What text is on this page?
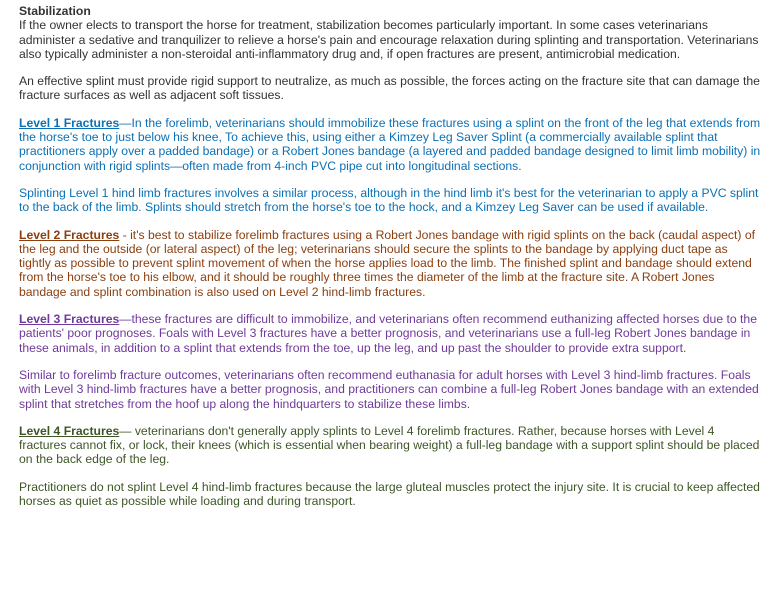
Stabilization

If the owner elects to transport the horse for treatment, stabilization becomes particularly important. In some cases veterinarians administer a sedative and tranquilizer to relieve a horse's pain and encourage relaxation during splinting and transportation. Veterinarians also typically administer a non-steroidal anti-inflammatory drug and, if open fractures are present, antimicrobial medication.

An effective splint must provide rigid support to neutralize, as much as possible, the forces acting on the fracture site that can damage the fracture surfaces as well as adjacent soft tissues.

Level 1 Fractures—In the forelimb, veterinarians should immobilize these fractures using a splint on the front of the leg that extends from the horse's toe to just below his knee, To achieve this, using either a Kimzey Leg Saver Splint (a commercially available splint that practitioners apply over a padded bandage) or a Robert Jones bandage (a layered and padded bandage designed to limit limb mobility) in conjunction with rigid splints—often made from 4-inch PVC pipe cut into longitudinal sections.

Splinting Level 1 hind limb fractures involves a similar process, although in the hind limb it's best for the veterinarian to apply a PVC splint to the back of the limb. Splints should stretch from the horse's toe to the hock, and a Kimzey Leg Saver can be used if available.

Level 2 Fractures - it's best to stabilize forelimb fractures using a Robert Jones bandage with rigid splints on the back (caudal aspect) of the leg and the outside (or lateral aspect) of the leg; veterinarians should secure the splints to the bandage by applying duct tape as tightly as possible to prevent splint movement of when the horse applies load to the limb. The finished splint and bandage should extend from the horse's toe to his elbow, and it should be roughly three times the diameter of the limb at the fracture site. A Robert Jones bandage and splint combination is also used on Level 2 hind-limb fractures.

Level 3 Fractures—these fractures are difficult to immobilize, and veterinarians often recommend euthanizing affected horses due to the patients' poor prognoses. Foals with Level 3 fractures have a better prognosis, and veterinarians use a full-leg Robert Jones bandage in these animals, in addition to a splint that extends from the toe, up the leg, and up past the shoulder to provide extra support.

Similar to forelimb fracture outcomes, veterinarians often recommend euthanasia for adult horses with Level 3 hind-limb fractures. Foals with Level 3 hind-limb fractures have a better prognosis, and practitioners can combine a full-leg Robert Jones bandage with an extended splint that stretches from the hoof up along the hindquarters to stabilize these limbs.

Level 4 Fractures— veterinarians don't generally apply splints to Level 4 forelimb fractures. Rather, because horses with Level 4 fractures cannot fix, or lock, their knees (which is essential when bearing weight) a full-leg bandage with a support splint should be placed on the back edge of the leg.

Practitioners do not splint Level 4 hind-limb fractures because the large gluteal muscles protect the injury site. It is crucial to keep affected horses as quiet as possible while loading and during transport.
